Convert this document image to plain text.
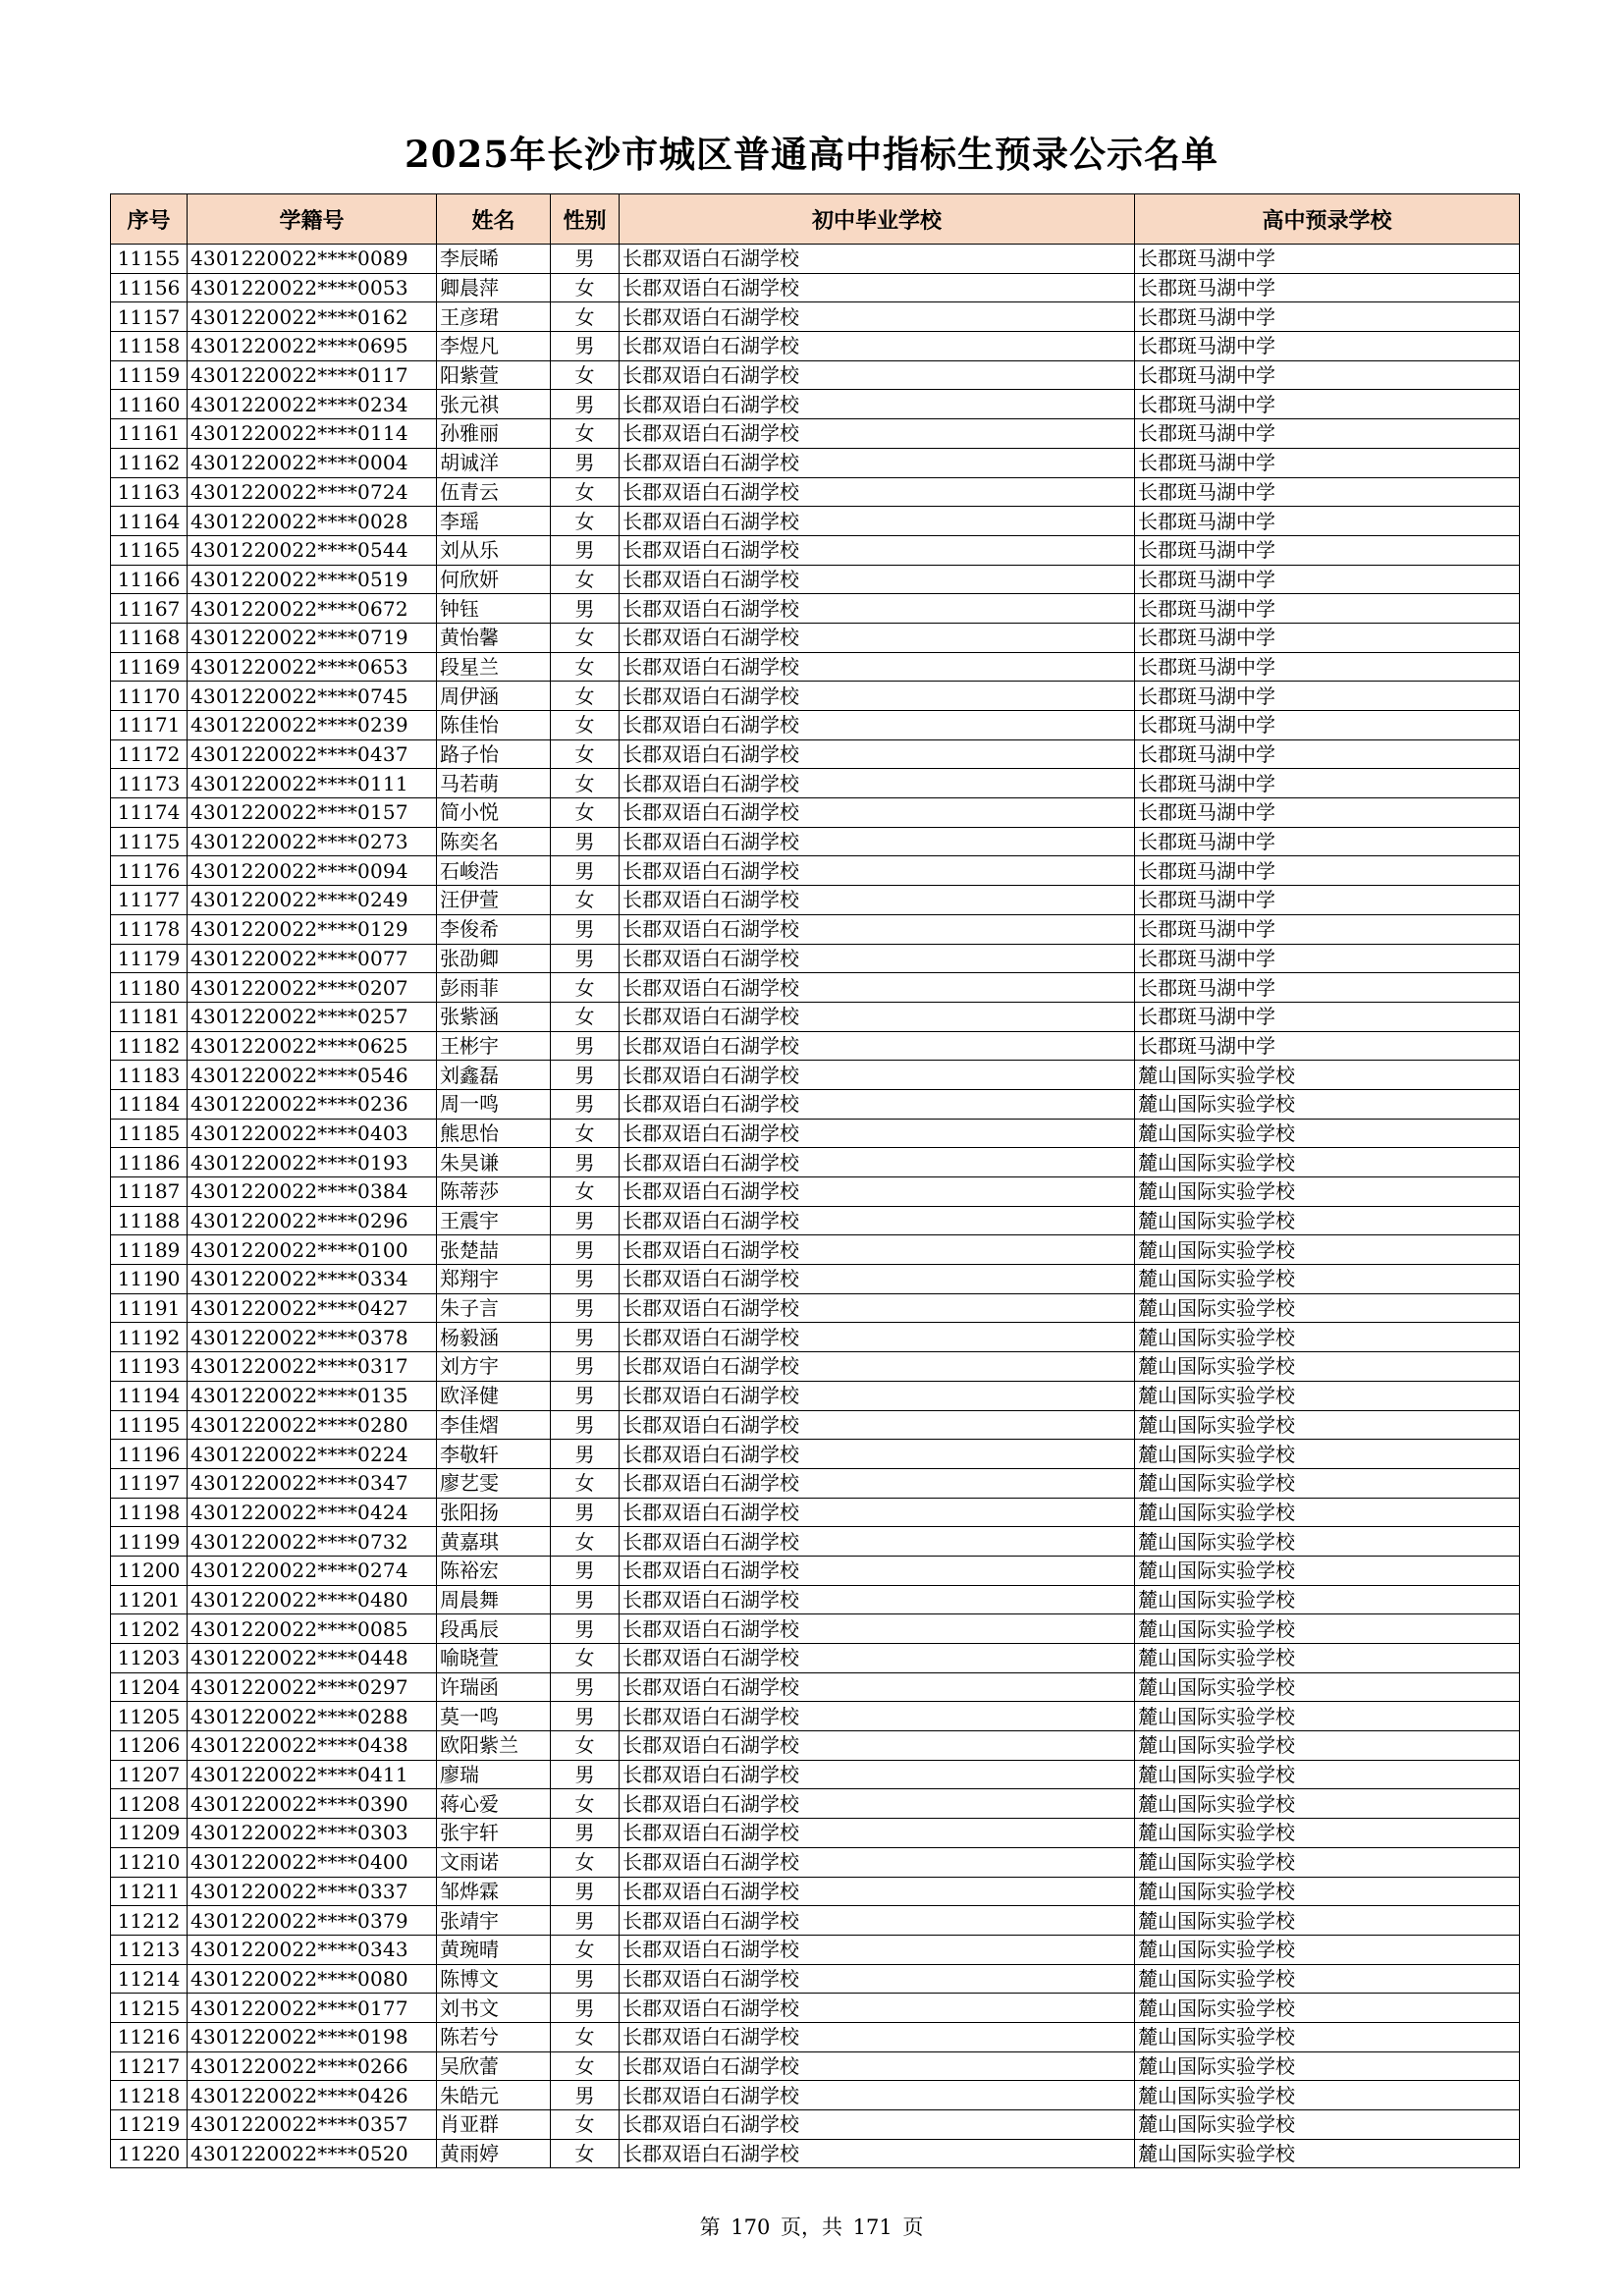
2025年长沙市城区普通高中指标生预录公示名单
序号	学籍号	姓名	性别	初中毕业学校	高中预录学校
11155	4301220022****0089	李辰晞	男	长郡双语白石湖学校	长郡斑马湖中学
11156	4301220022****0053	卿晨萍	女	长郡双语白石湖学校	长郡斑马湖中学
11157	4301220022****0162	王彦珺	女	长郡双语白石湖学校	长郡斑马湖中学
11158	4301220022****0695	李煜凡	男	长郡双语白石湖学校	长郡斑马湖中学
11159	4301220022****0117	阳紫萱	女	长郡双语白石湖学校	长郡斑马湖中学
11160	4301220022****0234	张元祺	男	长郡双语白石湖学校	长郡斑马湖中学
11161	4301220022****0114	孙雅丽	女	长郡双语白石湖学校	长郡斑马湖中学
11162	4301220022****0004	胡诚洋	男	长郡双语白石湖学校	长郡斑马湖中学
11163	4301220022****0724	伍青云	女	长郡双语白石湖学校	长郡斑马湖中学
11164	4301220022****0028	李瑶	女	长郡双语白石湖学校	长郡斑马湖中学
11165	4301220022****0544	刘从乐	男	长郡双语白石湖学校	长郡斑马湖中学
11166	4301220022****0519	何欣妍	女	长郡双语白石湖学校	长郡斑马湖中学
11167	4301220022****0672	钟钰	男	长郡双语白石湖学校	长郡斑马湖中学
11168	4301220022****0719	黄怡馨	女	长郡双语白石湖学校	长郡斑马湖中学
11169	4301220022****0653	段星兰	女	长郡双语白石湖学校	长郡斑马湖中学
11170	4301220022****0745	周伊涵	女	长郡双语白石湖学校	长郡斑马湖中学
11171	4301220022****0239	陈佳怡	女	长郡双语白石湖学校	长郡斑马湖中学
11172	4301220022****0437	路子怡	女	长郡双语白石湖学校	长郡斑马湖中学
11173	4301220022****0111	马若萌	女	长郡双语白石湖学校	长郡斑马湖中学
11174	4301220022****0157	简小悦	女	长郡双语白石湖学校	长郡斑马湖中学
11175	4301220022****0273	陈奕名	男	长郡双语白石湖学校	长郡斑马湖中学
11176	4301220022****0094	石峻浩	男	长郡双语白石湖学校	长郡斑马湖中学
11177	4301220022****0249	汪伊萱	女	长郡双语白石湖学校	长郡斑马湖中学
11178	4301220022****0129	李俊希	男	长郡双语白石湖学校	长郡斑马湖中学
11179	4301220022****0077	张劭卿	男	长郡双语白石湖学校	长郡斑马湖中学
11180	4301220022****0207	彭雨菲	女	长郡双语白石湖学校	长郡斑马湖中学
11181	4301220022****0257	张紫涵	女	长郡双语白石湖学校	长郡斑马湖中学
11182	4301220022****0625	王彬宇	男	长郡双语白石湖学校	长郡斑马湖中学
11183	4301220022****0546	刘鑫磊	男	长郡双语白石湖学校	麓山国际实验学校
11184	4301220022****0236	周一鸣	男	长郡双语白石湖学校	麓山国际实验学校
11185	4301220022****0403	熊思怡	女	长郡双语白石湖学校	麓山国际实验学校
11186	4301220022****0193	朱昊谦	男	长郡双语白石湖学校	麓山国际实验学校
11187	4301220022****0384	陈蒂莎	女	长郡双语白石湖学校	麓山国际实验学校
11188	4301220022****0296	王震宇	男	长郡双语白石湖学校	麓山国际实验学校
11189	4301220022****0100	张楚喆	男	长郡双语白石湖学校	麓山国际实验学校
11190	4301220022****0334	郑翔宇	男	长郡双语白石湖学校	麓山国际实验学校
11191	4301220022****0427	朱子言	男	长郡双语白石湖学校	麓山国际实验学校
11192	4301220022****0378	杨毅涵	男	长郡双语白石湖学校	麓山国际实验学校
11193	4301220022****0317	刘方宇	男	长郡双语白石湖学校	麓山国际实验学校
11194	4301220022****0135	欧泽健	男	长郡双语白石湖学校	麓山国际实验学校
11195	4301220022****0280	李佳熠	男	长郡双语白石湖学校	麓山国际实验学校
11196	4301220022****0224	李敬轩	男	长郡双语白石湖学校	麓山国际实验学校
11197	4301220022****0347	廖艺雯	女	长郡双语白石湖学校	麓山国际实验学校
11198	4301220022****0424	张阳扬	男	长郡双语白石湖学校	麓山国际实验学校
11199	4301220022****0732	黄嘉琪	女	长郡双语白石湖学校	麓山国际实验学校
11200	4301220022****0274	陈裕宏	男	长郡双语白石湖学校	麓山国际实验学校
11201	4301220022****0480	周晨舞	男	长郡双语白石湖学校	麓山国际实验学校
11202	4301220022****0085	段禹辰	男	长郡双语白石湖学校	麓山国际实验学校
11203	4301220022****0448	喻晓萱	女	长郡双语白石湖学校	麓山国际实验学校
11204	4301220022****0297	许瑞函	男	长郡双语白石湖学校	麓山国际实验学校
11205	4301220022****0288	莫一鸣	男	长郡双语白石湖学校	麓山国际实验学校
11206	4301220022****0438	欧阳紫兰	女	长郡双语白石湖学校	麓山国际实验学校
11207	4301220022****0411	廖瑞	男	长郡双语白石湖学校	麓山国际实验学校
11208	4301220022****0390	蒋心爱	女	长郡双语白石湖学校	麓山国际实验学校
11209	4301220022****0303	张宇轩	男	长郡双语白石湖学校	麓山国际实验学校
11210	4301220022****0400	文雨诺	女	长郡双语白石湖学校	麓山国际实验学校
11211	4301220022****0337	邹烨霖	男	长郡双语白石湖学校	麓山国际实验学校
11212	4301220022****0379	张靖宇	男	长郡双语白石湖学校	麓山国际实验学校
11213	4301220022****0343	黄琬晴	女	长郡双语白石湖学校	麓山国际实验学校
11214	4301220022****0080	陈博文	男	长郡双语白石湖学校	麓山国际实验学校
11215	4301220022****0177	刘书文	男	长郡双语白石湖学校	麓山国际实验学校
11216	4301220022****0198	陈若兮	女	长郡双语白石湖学校	麓山国际实验学校
11217	4301220022****0266	吴欣蕾	女	长郡双语白石湖学校	麓山国际实验学校
11218	4301220022****0426	朱皓元	男	长郡双语白石湖学校	麓山国际实验学校
11219	4301220022****0357	肖亚群	女	长郡双语白石湖学校	麓山国际实验学校
11220	4301220022****0520	黄雨婷	女	长郡双语白石湖学校	麓山国际实验学校
第 170 页，共 171 页
